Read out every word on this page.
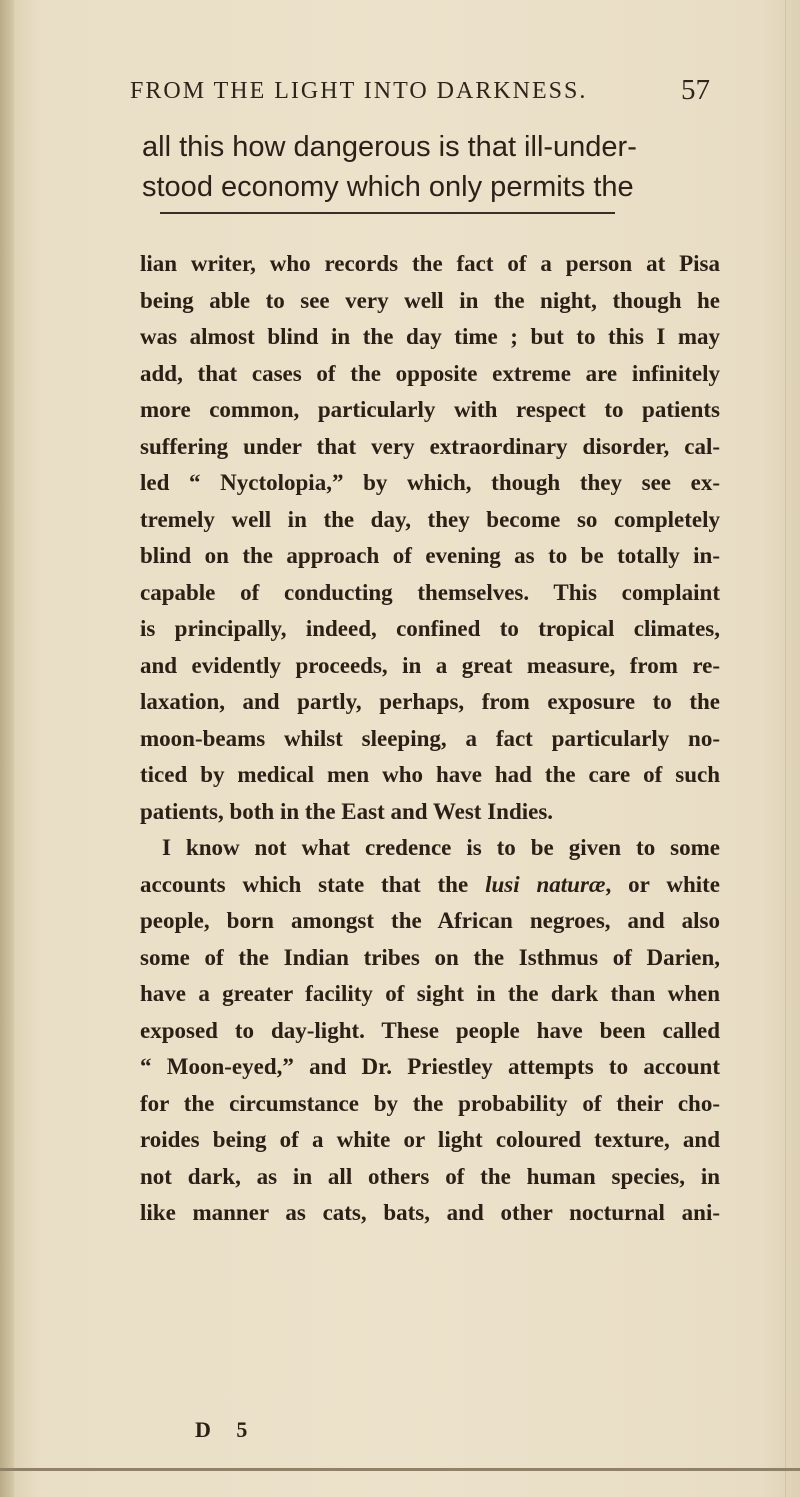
FROM THE LIGHT INTO DARKNESS.	57
all this how dangerous is that ill-under-
stood economy which only permits the
lian writer, who records the fact of a person at Pisa
being able to see very well in the night, though he
was almost blind in the day time ; but to this I may
add, that cases of the opposite extreme are infinitely
more common, particularly with respect to patients
suffering under that very extraordinary disorder, cal-
led “ Nyctolopia,” by which, though they see ex-
tremely well in the day, they become so completely
blind on the approach of evening as to be totally in-
capable of conducting themselves. This complaint
is principally, indeed, confined to tropical climates,
and evidently proceeds, in a great measure, from re-
laxation, and partly, perhaps, from exposure to the
moon-beams whilst sleeping, a fact particularly no-
ticed by medical men who have had the care of such
patients, both in the East and West Indies.
I know not what credence is to be given to some
accounts which state that the lusi naturæ, or white
people, born amongst the African negroes, and also
some of the Indian tribes on the Isthmus of Darien,
have a greater facility of sight in the dark than when
exposed to day-light. These people have been called
“ Moon-eyed,” and Dr. Priestley attempts to account
for the circumstance by the probability of their cho-
roides being of a white or light coloured texture, and
not dark, as in all others of the human species, in
like manner as cats, bats, and other nocturnal ani-
D 5
